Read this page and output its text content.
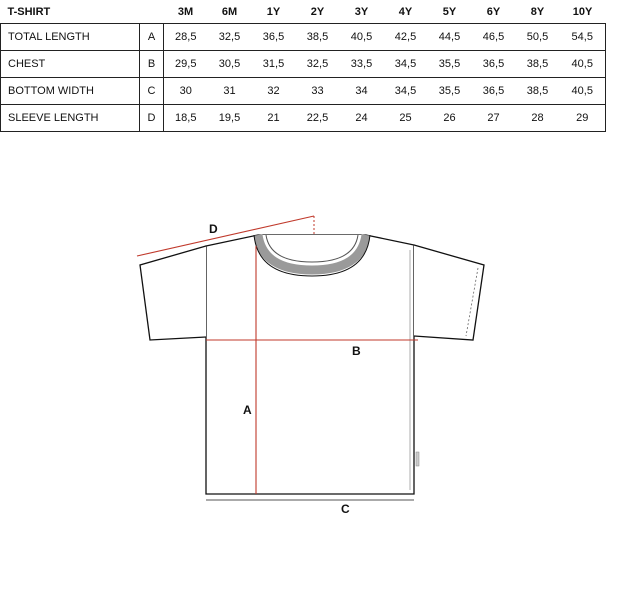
T-SHIRT		3M	6M	1Y	2Y	3Y	4Y	5Y	6Y	8Y	10Y
TOTAL LENGTH	A	28,5	32,5	36,5	38,5	40,5	42,5	44,5	46,5	50,5	54,5
CHEST	B	29,5	30,5	31,5	32,5	33,5	34,5	35,5	36,5	38,5	40,5
BOTTOM WIDTH	C	30	31	32	33	34	34,5	35,5	36,5	38,5	40,5
SLEEVE LENGTH	D	18,5	19,5	21	22,5	24	25	26	27	28	29
A
B
C
D
